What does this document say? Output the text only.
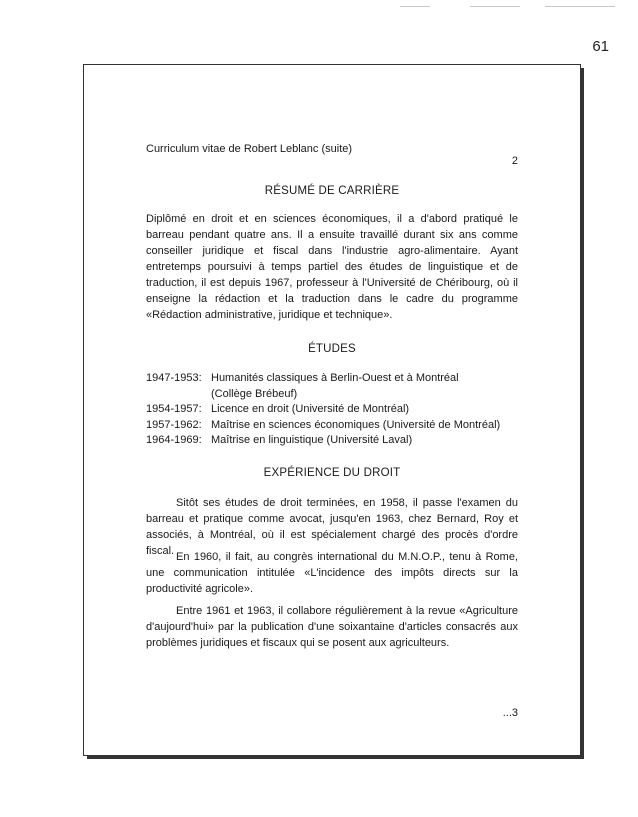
61
2
Curriculum vitae de Robert Leblanc (suite)
RÉSUMÉ DE CARRIÈRE

Diplômé en droit et en sciences économiques, il a d'abord pratiqué le barreau pendant quatre ans. Il a ensuite travaillé durant six ans comme conseiller juridique et fiscal dans l'industrie agro-alimentaire. Ayant entretemps poursuivi à temps partiel des études de linguistique et de traduction, il est depuis 1967, professeur à l'Université de Chéribourg, où il enseigne la rédaction et la traduction dans le cadre du programme «Rédaction administrative, juridique et technique».

ÉTUDES
1947-1953: Humanités classiques à Berlin-Ouest et à Montréal
(Collège Brébeuf)
1954-1957: Licence en droit (Université de Montréal)
1957-1962: Maîtrise en sciences économiques (Université de Montréal)
1964-1969: Maîtrise en linguistique (Université Laval)
EXPÉRIENCE DU DROIT

Sitôt ses études de droit terminées, en 1958, il passe l'examen du barreau et pratique comme avocat, jusqu'en 1963, chez Bernard, Roy et associés, à Montréal, où il est spécialement chargé des procès d'ordre fiscal. En 1960, il fait, au congrès international du M.N.O.P., tenu à Rome, une communication intitulée «L'incidence des impôts directs sur la productivité agricole».

Entre 1961 et 1963, il collabore régulièrement à la revue «Agriculture d'aujourd'hui» par la publication d'une soixantaine d'articles consacrés aux problèmes juridiques et fiscaux qui se posent aux agriculteurs.

...3
